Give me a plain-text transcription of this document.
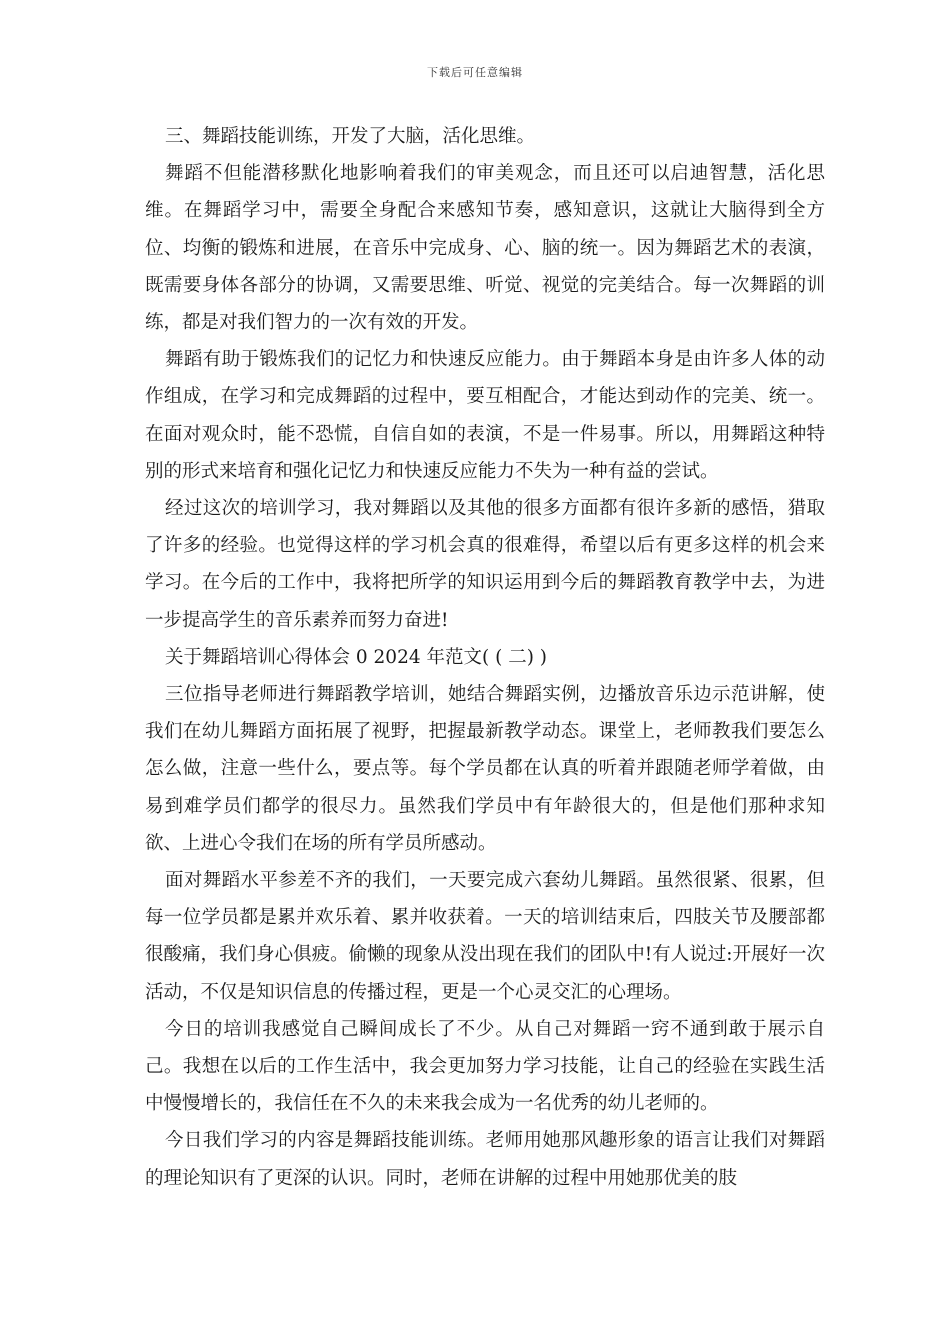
下载后可任意编辑

三、舞蹈技能训练，开发了大脑，活化思维。

舞蹈不但能潜移默化地影响着我们的审美观念，而且还可以启迪智慧，活化思维。在舞蹈学习中，需要全身配合来感知节奏，感知意识，这就让大脑得到全方位、均衡的锻炼和进展，在音乐中完成身、心、脑的统一。因为舞蹈艺术的表演，既需要身体各部分的协调，又需要思维、听觉、视觉的完美结合。每一次舞蹈的训练，都是对我们智力的一次有效的开发。

舞蹈有助于锻炼我们的记忆力和快速反应能力。由于舞蹈本身是由许多人体的动作组成，在学习和完成舞蹈的过程中，要互相配合，才能达到动作的完美、统一。在面对观众时，能不恐慌，自信自如的表演，不是一件易事。所以，用舞蹈这种特别的形式来培育和强化记忆力和快速反应能力不失为一种有益的尝试。

经过这次的培训学习，我对舞蹈以及其他的很多方面都有很许多新的感悟，猎取了许多的经验。也觉得这样的学习机会真的很难得，希望以后有更多这样的机会来学习。在今后的工作中，我将把所学的知识运用到今后的舞蹈教育教学中去，为进一步提高学生的音乐素养而努力奋进!

关于舞蹈培训心得体会 0 2024 年范文( ( 二) )

三位指导老师进行舞蹈教学培训，她结合舞蹈实例，边播放音乐边示范讲解，使我们在幼儿舞蹈方面拓展了视野，把握最新教学动态。课堂上，老师教我们要怎么怎么做，注意一些什么，要点等。每个学员都在认真的听着并跟随老师学着做，由易到难学员们都学的很尽力。虽然我们学员中有年龄很大的，但是他们那种求知欲、上进心令我们在场的所有学员所感动。

面对舞蹈水平参差不齐的我们，一天要完成六套幼儿舞蹈。虽然很紧、很累，但每一位学员都是累并欢乐着、累并收获着。一天的培训结束后，四肢关节及腰部都很酸痛，我们身心俱疲。偷懒的现象从没出现在我们的团队中!有人说过:开展好一次活动，不仅是知识信息的传播过程，更是一个心灵交汇的心理场。

今日的培训我感觉自己瞬间成长了不少。从自己对舞蹈一窍不通到敢于展示自己。我想在以后的工作生活中，我会更加努力学习技能，让自己的经验在实践生活中慢慢增长的，我信任在不久的未来我会成为一名优秀的幼儿老师的。

今日我们学习的内容是舞蹈技能训练。老师用她那风趣形象的语言让我们对舞蹈的理论知识有了更深的认识。同时，老师在讲解的过程中用她那优美的肢
